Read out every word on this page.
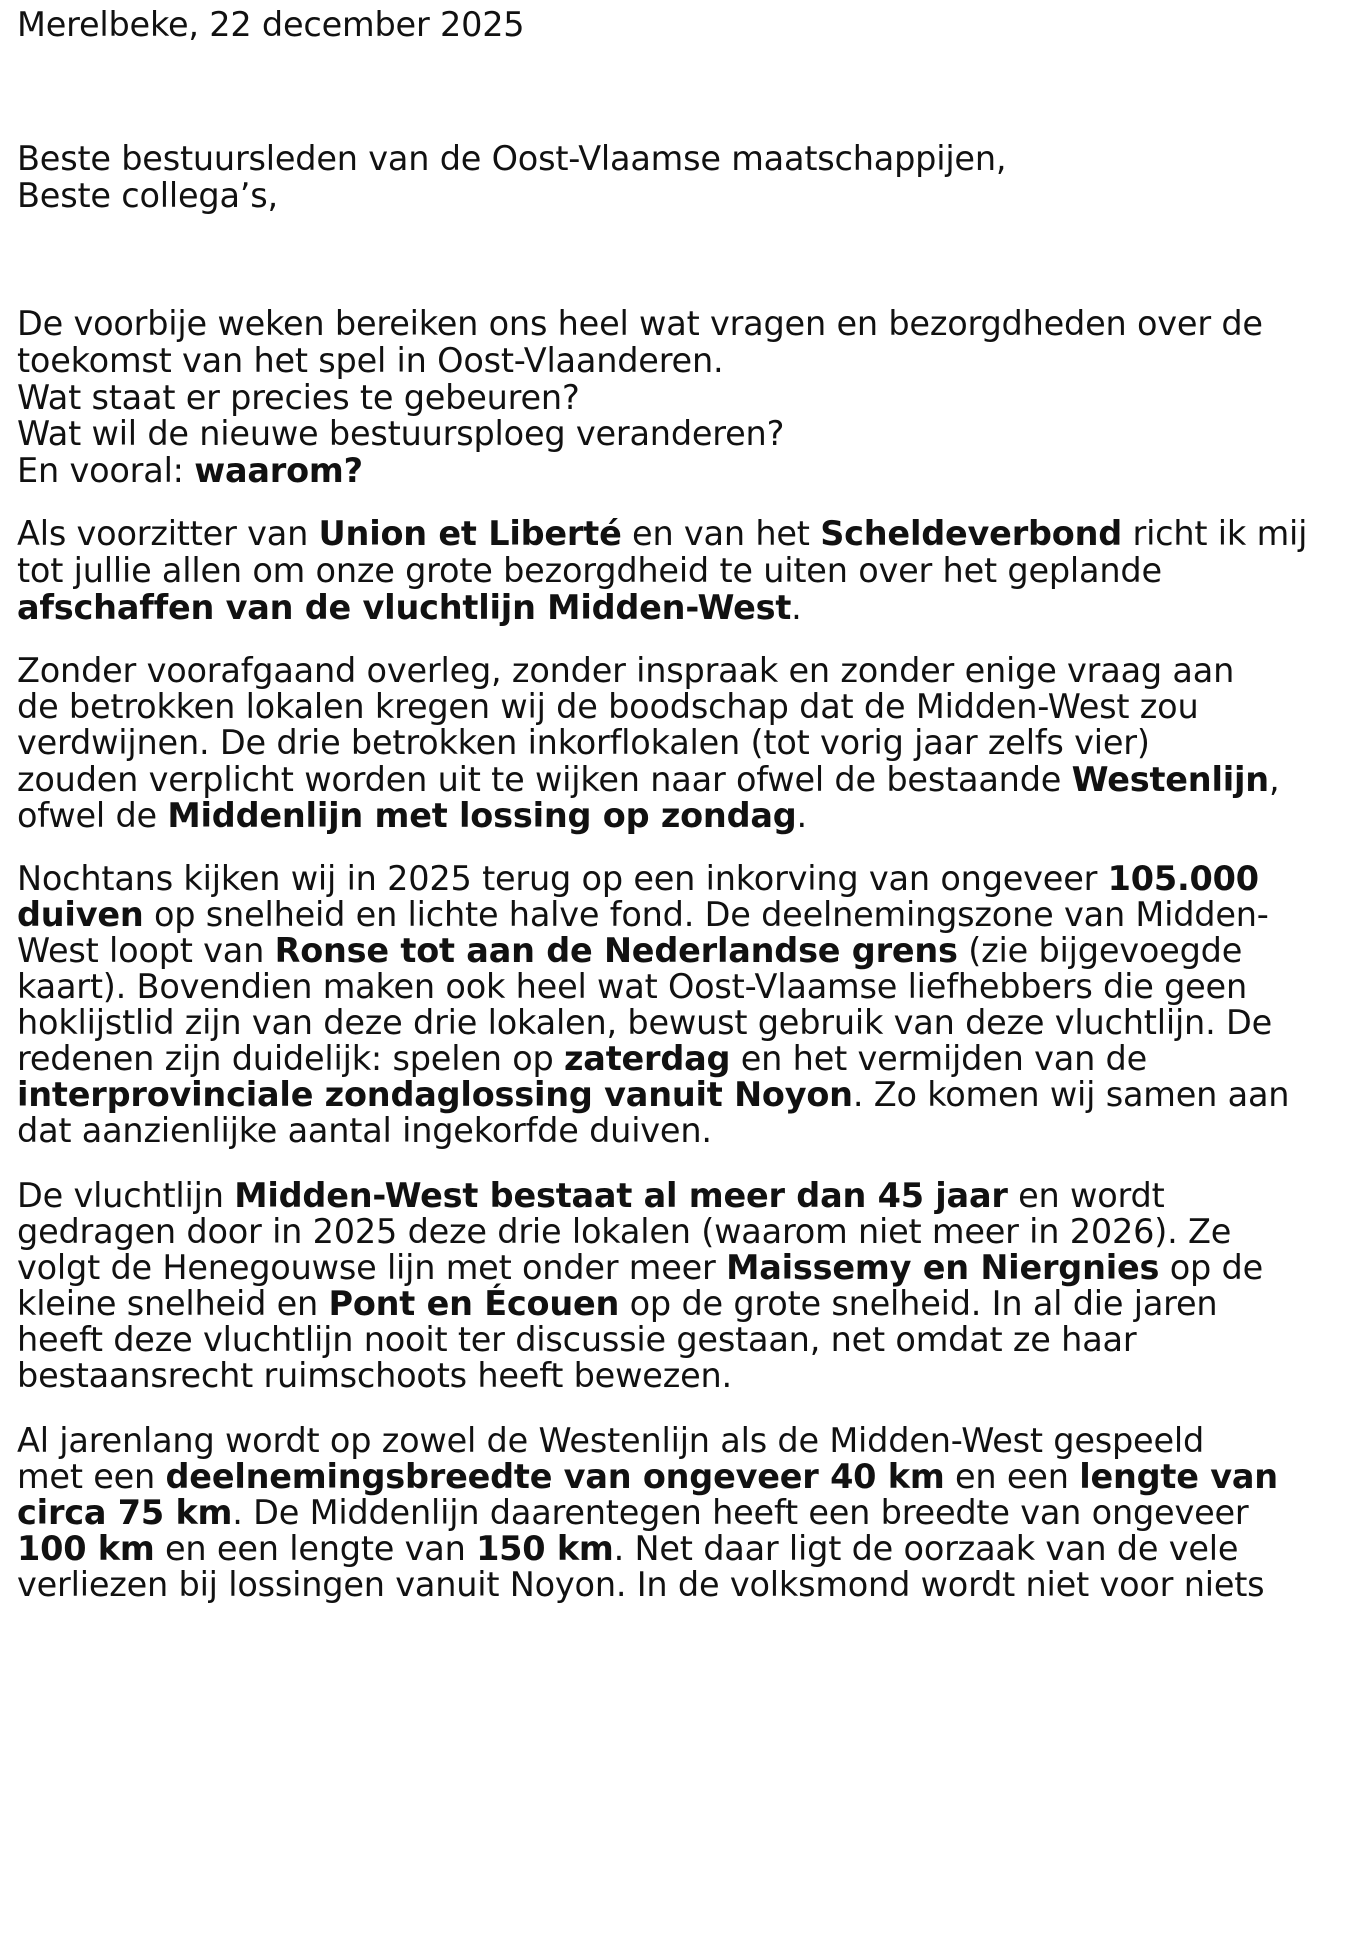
Merelbeke, 22 december 2025
Beste bestuursleden van de Oost-Vlaamse maatschappijen,
Beste collega’s,
De voorbije weken bereiken ons heel wat vragen en bezorgdheden over de
toekomst van het spel in Oost-Vlaanderen.
Wat staat er precies te gebeuren?
Wat wil de nieuwe bestuursploeg veranderen?
En vooral: waarom?
Als voorzitter van Union et Liberté en van het Scheldeverbond richt ik mij
tot jullie allen om onze grote bezorgdheid te uiten over het geplande
afschaffen van de vluchtlijn Midden-West.
Zonder voorafgaand overleg, zonder inspraak en zonder enige vraag aan
de betrokken lokalen kregen wij de boodschap dat de Midden-West zou
verdwijnen. De drie betrokken inkorflokalen (tot vorig jaar zelfs vier)
zouden verplicht worden uit te wijken naar ofwel de bestaande Westenlijn,
ofwel de Middenlijn met lossing op zondag.
Nochtans kijken wij in 2025 terug op een inkorving van ongeveer 105.000
duiven op snelheid en lichte halve fond. De deelnemingszone van Midden-
West loopt van Ronse tot aan de Nederlandse grens (zie bijgevoegde
kaart). Bovendien maken ook heel wat Oost-Vlaamse liefhebbers die geen
hoklijstlid zijn van deze drie lokalen, bewust gebruik van deze vluchtlijn. De
redenen zijn duidelijk: spelen op zaterdag en het vermijden van de
interprovinciale zondaglossing vanuit Noyon. Zo komen wij samen aan
dat aanzienlijke aantal ingekorfde duiven.
De vluchtlijn Midden-West bestaat al meer dan 45 jaar en wordt
gedragen door in 2025 deze drie lokalen (waarom niet meer in 2026). Ze
volgt de Henegouwse lijn met onder meer Maissemy en Niergnies op de
kleine snelheid en Pont en Écouen op de grote snelheid. In al die jaren
heeft deze vluchtlijn nooit ter discussie gestaan, net omdat ze haar
bestaansrecht ruimschoots heeft bewezen.
Al jarenlang wordt op zowel de Westenlijn als de Midden-West gespeeld
met een deelnemingsbreedte van ongeveer 40 km en een lengte van
circa 75 km. De Middenlijn daarentegen heeft een breedte van ongeveer
100 km en een lengte van 150 km. Net daar ligt de oorzaak van de vele
verliezen bij lossingen vanuit Noyon. In de volksmond wordt niet voor niets
